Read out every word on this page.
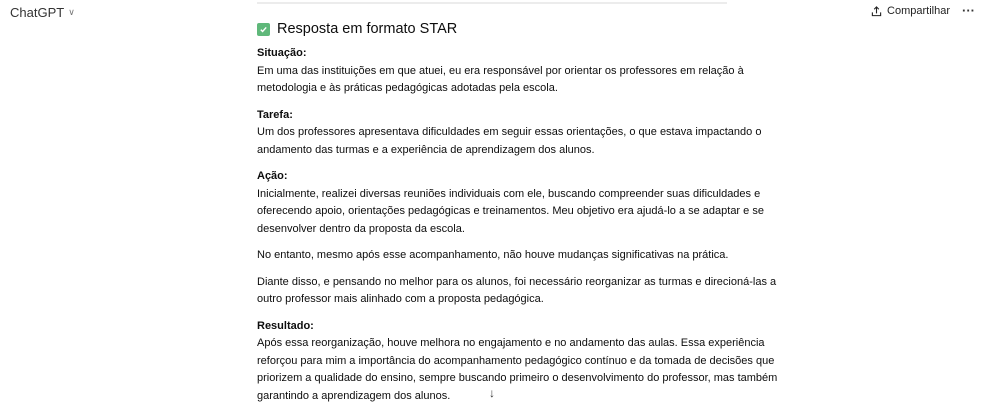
ChatGPT ∨	Compartilhar ···
Resposta em formato STAR
Situação:
Em uma das instituições em que atuei, eu era responsável por orientar os professores em relação à
metodologia e às práticas pedagógicas adotadas pela escola.
Tarefa:
Um dos professores apresentava dificuldades em seguir essas orientações, o que estava impactando o
andamento das turmas e a experiência de aprendizagem dos alunos.
Ação:
Inicialmente, realizei diversas reuniões individuais com ele, buscando compreender suas dificuldades e
oferecendo apoio, orientações pedagógicas e treinamentos. Meu objetivo era ajudá-lo a se adaptar e se
desenvolver dentro da proposta da escola.
No entanto, mesmo após esse acompanhamento, não houve mudanças significativas na prática.
Diante disso, e pensando no melhor para os alunos, foi necessário reorganizar as turmas e direcioná-las a
outro professor mais alinhado com a proposta pedagógica.
Resultado:
Após essa reorganização, houve melhora no engajamento e no andamento das aulas. Essa experiência
reforçou para mim a importância do acompanhamento pedagógico contínuo e da tomada de decisões que
priorizem a qualidade do ensino, sempre buscando primeiro o desenvolvimento do professor, mas também
garantindo a aprendizagem dos alunos.	↓
